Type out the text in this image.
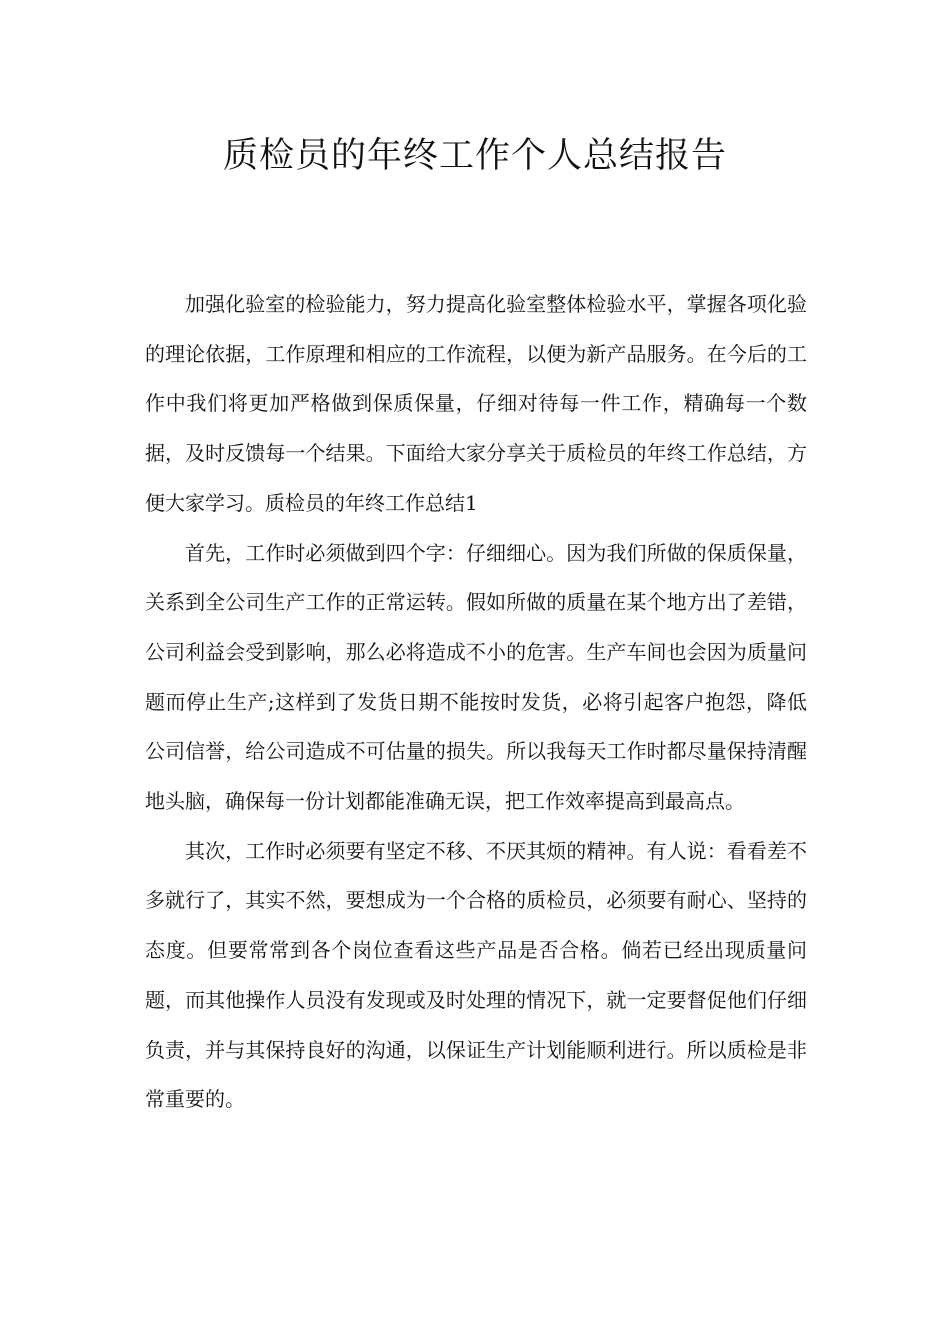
质检员的年终工作个人总结报告

加强化验室的检验能力，努力提高化验室整体检验水平，掌握各项化验的理论依据，工作原理和相应的工作流程，以便为新产品服务。在今后的工作中我们将更加严格做到保质保量，仔细对待每一件工作，精确每一个数据，及时反馈每一个结果。下面给大家分享关于质检员的年终工作总结，方便大家学习。质检员的年终工作总结1

首先，工作时必须做到四个字：仔细细心。因为我们所做的保质保量，关系到全公司生产工作的正常运转。假如所做的质量在某个地方出了差错，公司利益会受到影响，那么必将造成不小的危害。生产车间也会因为质量问题而停止生产;这样到了发货日期不能按时发货，必将引起客户抱怨，降低公司信誉，给公司造成不可估量的损失。所以我每天工作时都尽量保持清醒地头脑，确保每一份计划都能准确无误，把工作效率提高到最高点。

其次，工作时必须要有坚定不移、不厌其烦的精神。有人说：看看差不多就行了，其实不然，要想成为一个合格的质检员，必须要有耐心、坚持的态度。但要常常到各个岗位查看这些产品是否合格。倘若已经出现质量问题，而其他操作人员没有发现或及时处理的情况下，就一定要督促他们仔细负责，并与其保持良好的沟通，以保证生产计划能顺利进行。所以质检是非常重要的。
